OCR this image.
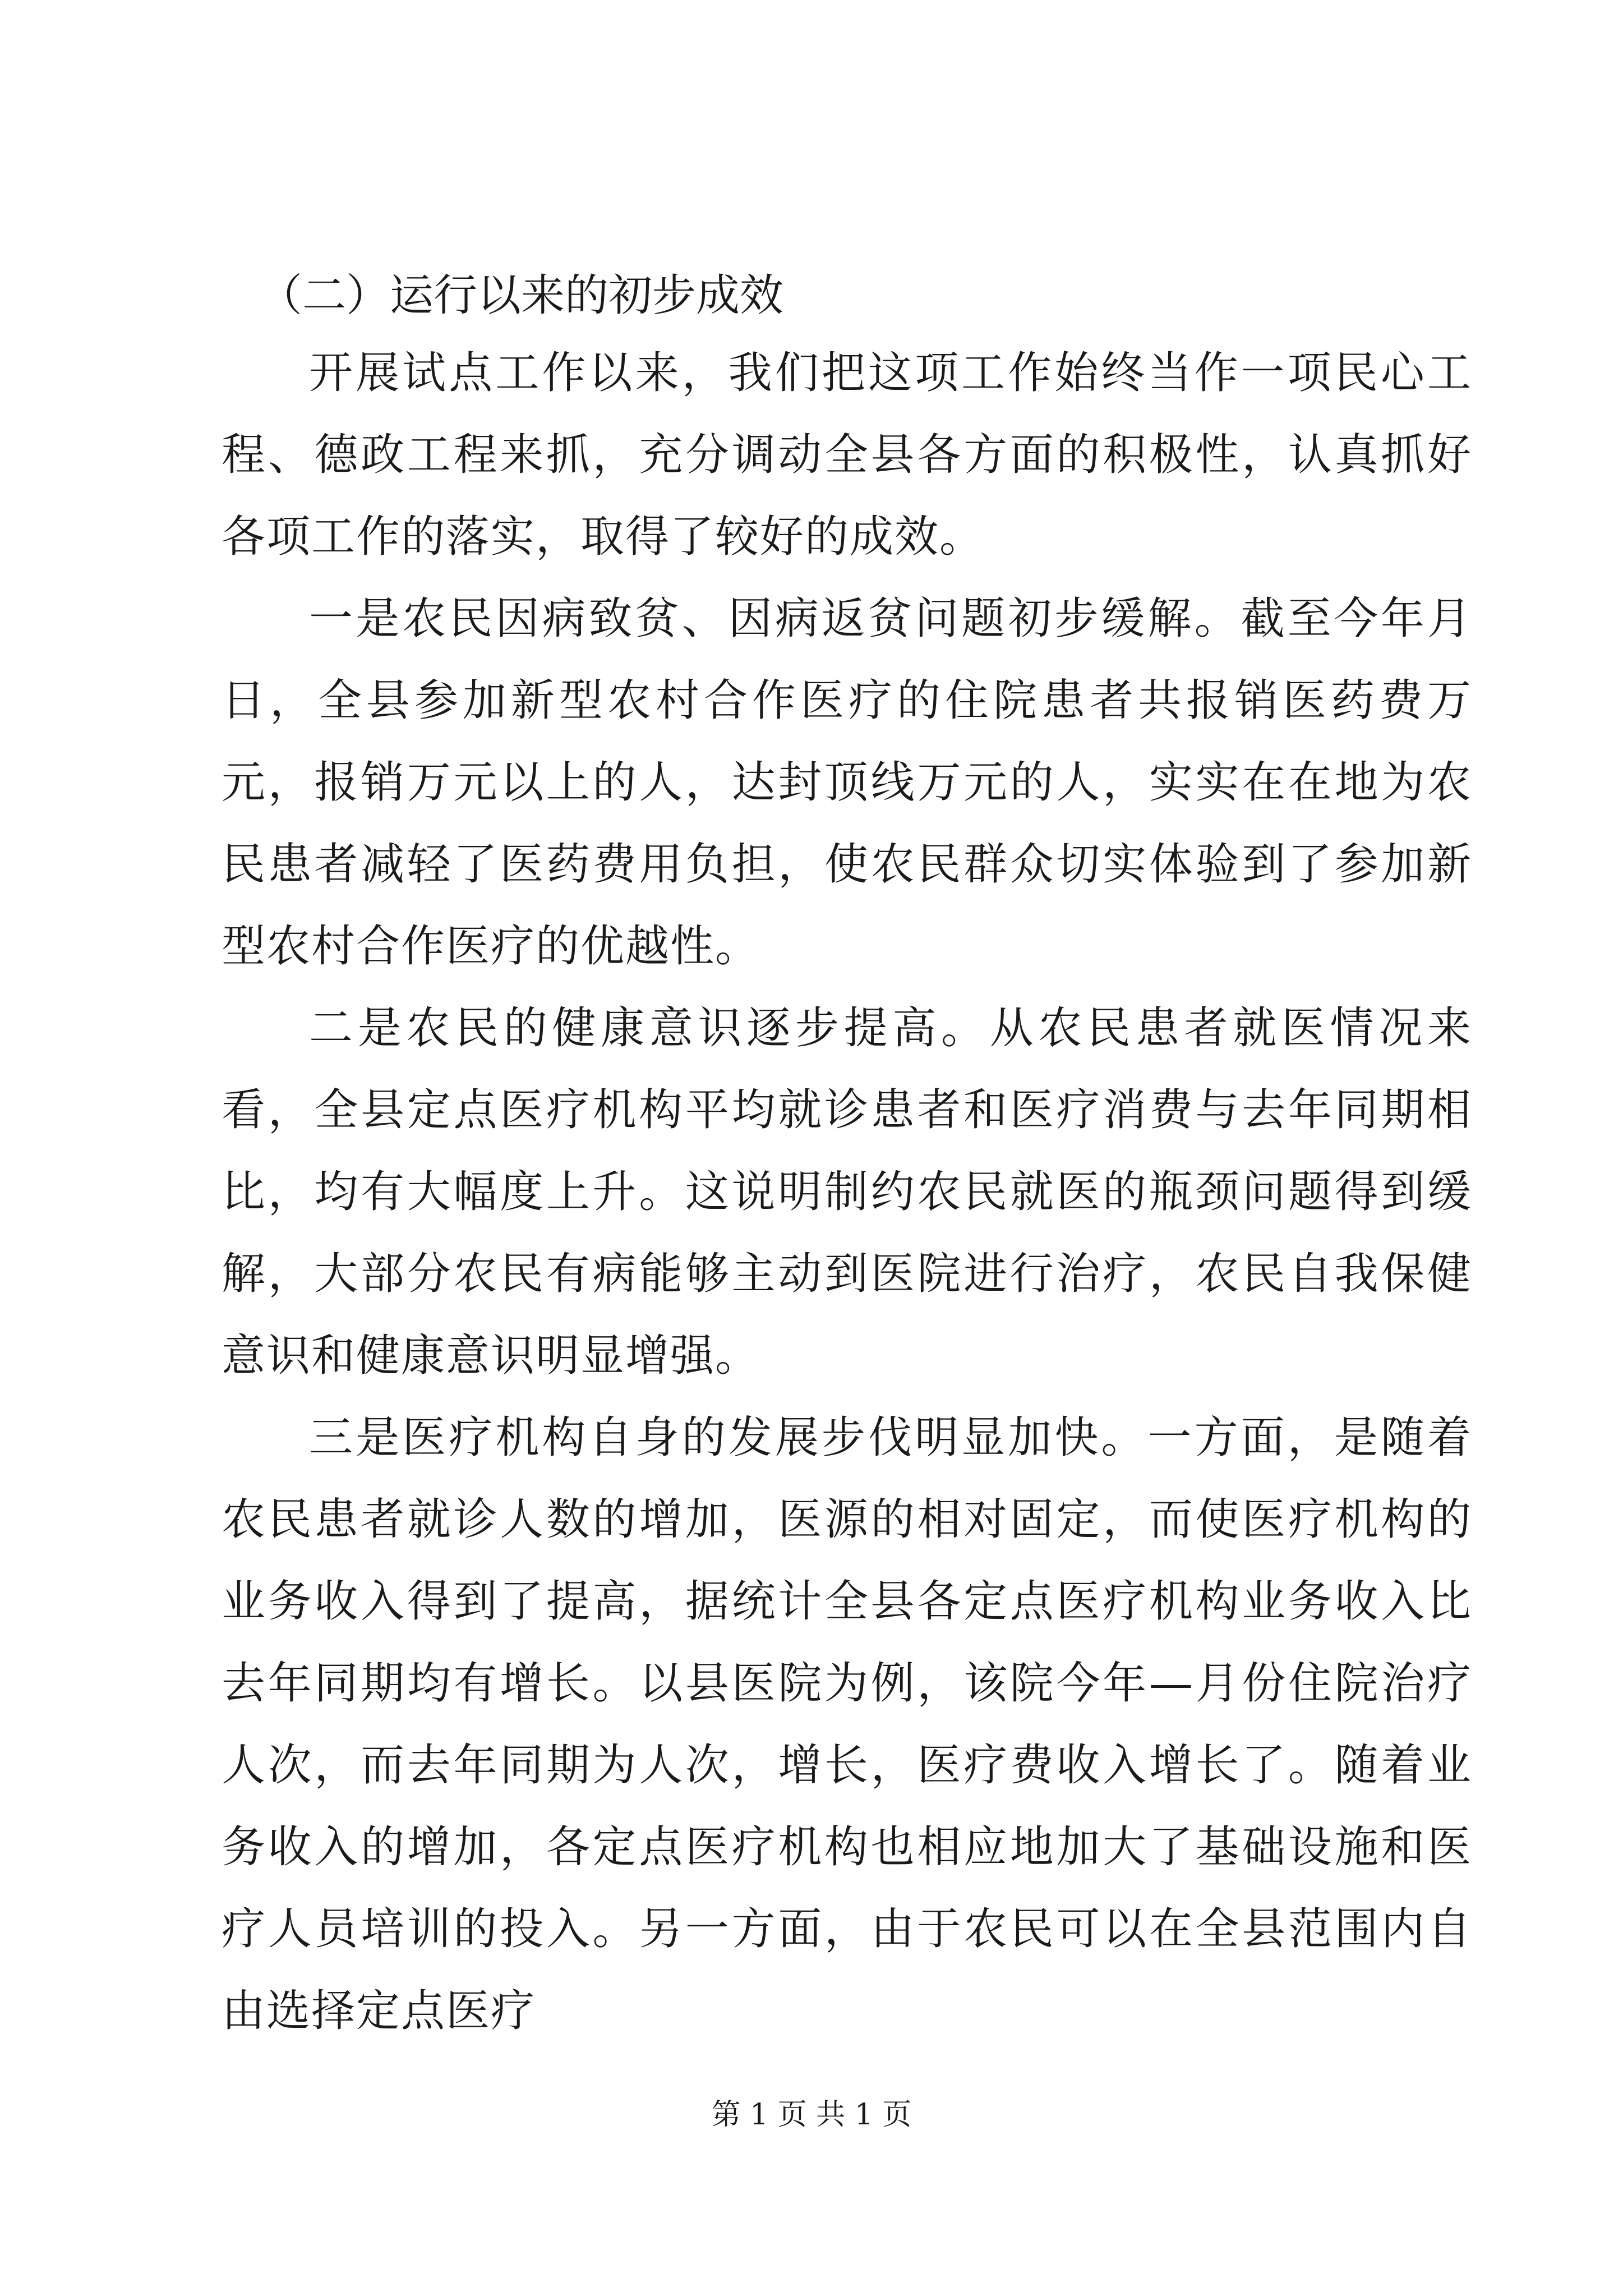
（二）运行以来的初步成效

开展试点工作以来，我们把这项工作始终当作一项民心工程、德政工程来抓，充分调动全县各方面的积极性，认真抓好各项工作的落实，取得了较好的成效。

一是农民因病致贫、因病返贫问题初步缓解。截至今年月日，全县参加新型农村合作医疗的住院患者共报销医药费万元，报销万元以上的人，达封顶线万元的人，实实在在地为农民患者减轻了医药费用负担，使农民群众切实体验到了参加新型农村合作医疗的优越性。

二是农民的健康意识逐步提高。从农民患者就医情况来看，全县定点医疗机构平均就诊患者和医疗消费与去年同期相比，均有大幅度上升。这说明制约农民就医的瓶颈问题得到缓解，大部分农民有病能够主动到医院进行治疗，农民自我保健意识和健康意识明显增强。

三是医疗机构自身的发展步伐明显加快。一方面，是随着农民患者就诊人数的增加，医源的相对固定，而使医疗机构的业务收入得到了提高，据统计全县各定点医疗机构业务收入比去年同期均有增长。以县医院为例，该院今年—月份住院治疗人次，而去年同期为人次，增长，医疗费收入增长了。随着业务收入的增加，各定点医疗机构也相应地加大了基础设施和医疗人员培训的投入。另一方面，由于农民可以在全县范围内自由选择定点医疗

第 1 页 共 1 页
